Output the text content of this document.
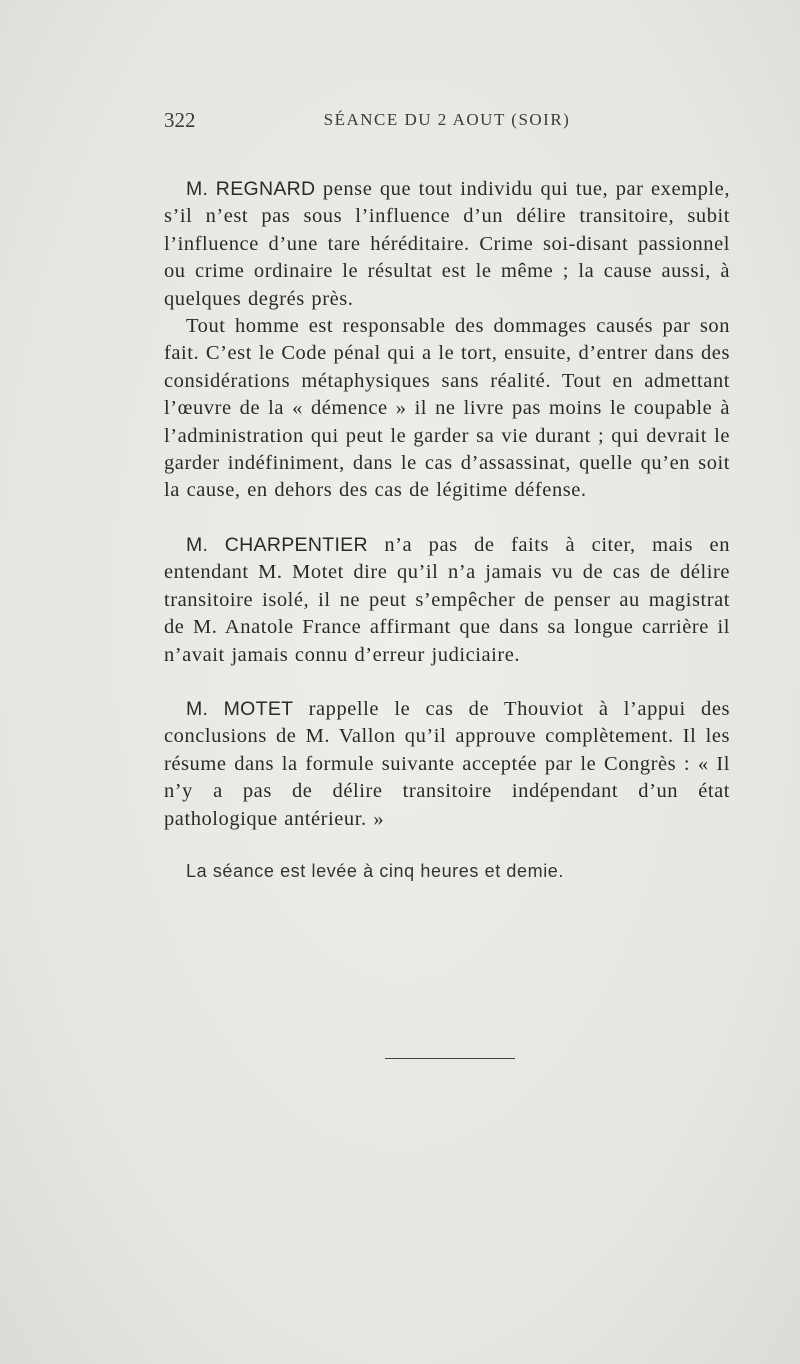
322	SÉANCE DU 2 AOUT (SOIR)

M. REGNARD pense que tout individu qui tue, par exemple, s’il n’est pas sous l’influence d’un délire transitoire, subit l’influence d’une tare héréditaire. Crime soi-disant passionnel ou crime ordinaire le résultat est le même ; la cause aussi, à quelques degrés près.

Tout homme est responsable des dommages causés par son fait. C’est le Code pénal qui a le tort, ensuite, d’entrer dans des considérations métaphysiques sans réalité. Tout en admettant l’œuvre de la « démence » il ne livre pas moins le coupable à l’administration qui peut le garder sa vie durant ; qui devrait le garder indéfiniment, dans le cas d’assassinat, quelle qu’en soit la cause, en dehors des cas de légitime défense.

M. CHARPENTIER n’a pas de faits à citer, mais en entendant M. Motet dire qu’il n’a jamais vu de cas de délire transitoire isolé, il ne peut s’empêcher de penser au magistrat de M. Anatole France affirmant que dans sa longue carrière il n’avait jamais connu d’erreur judiciaire.

M. MOTET rappelle le cas de Thouviot à l’appui des conclusions de M. Vallon qu’il approuve complètement. Il les résume dans la formule suivante acceptée par le Congrès : « Il n’y a pas de délire transitoire indépendant d’un état pathologique antérieur. »

La séance est levée à cinq heures et demie.
